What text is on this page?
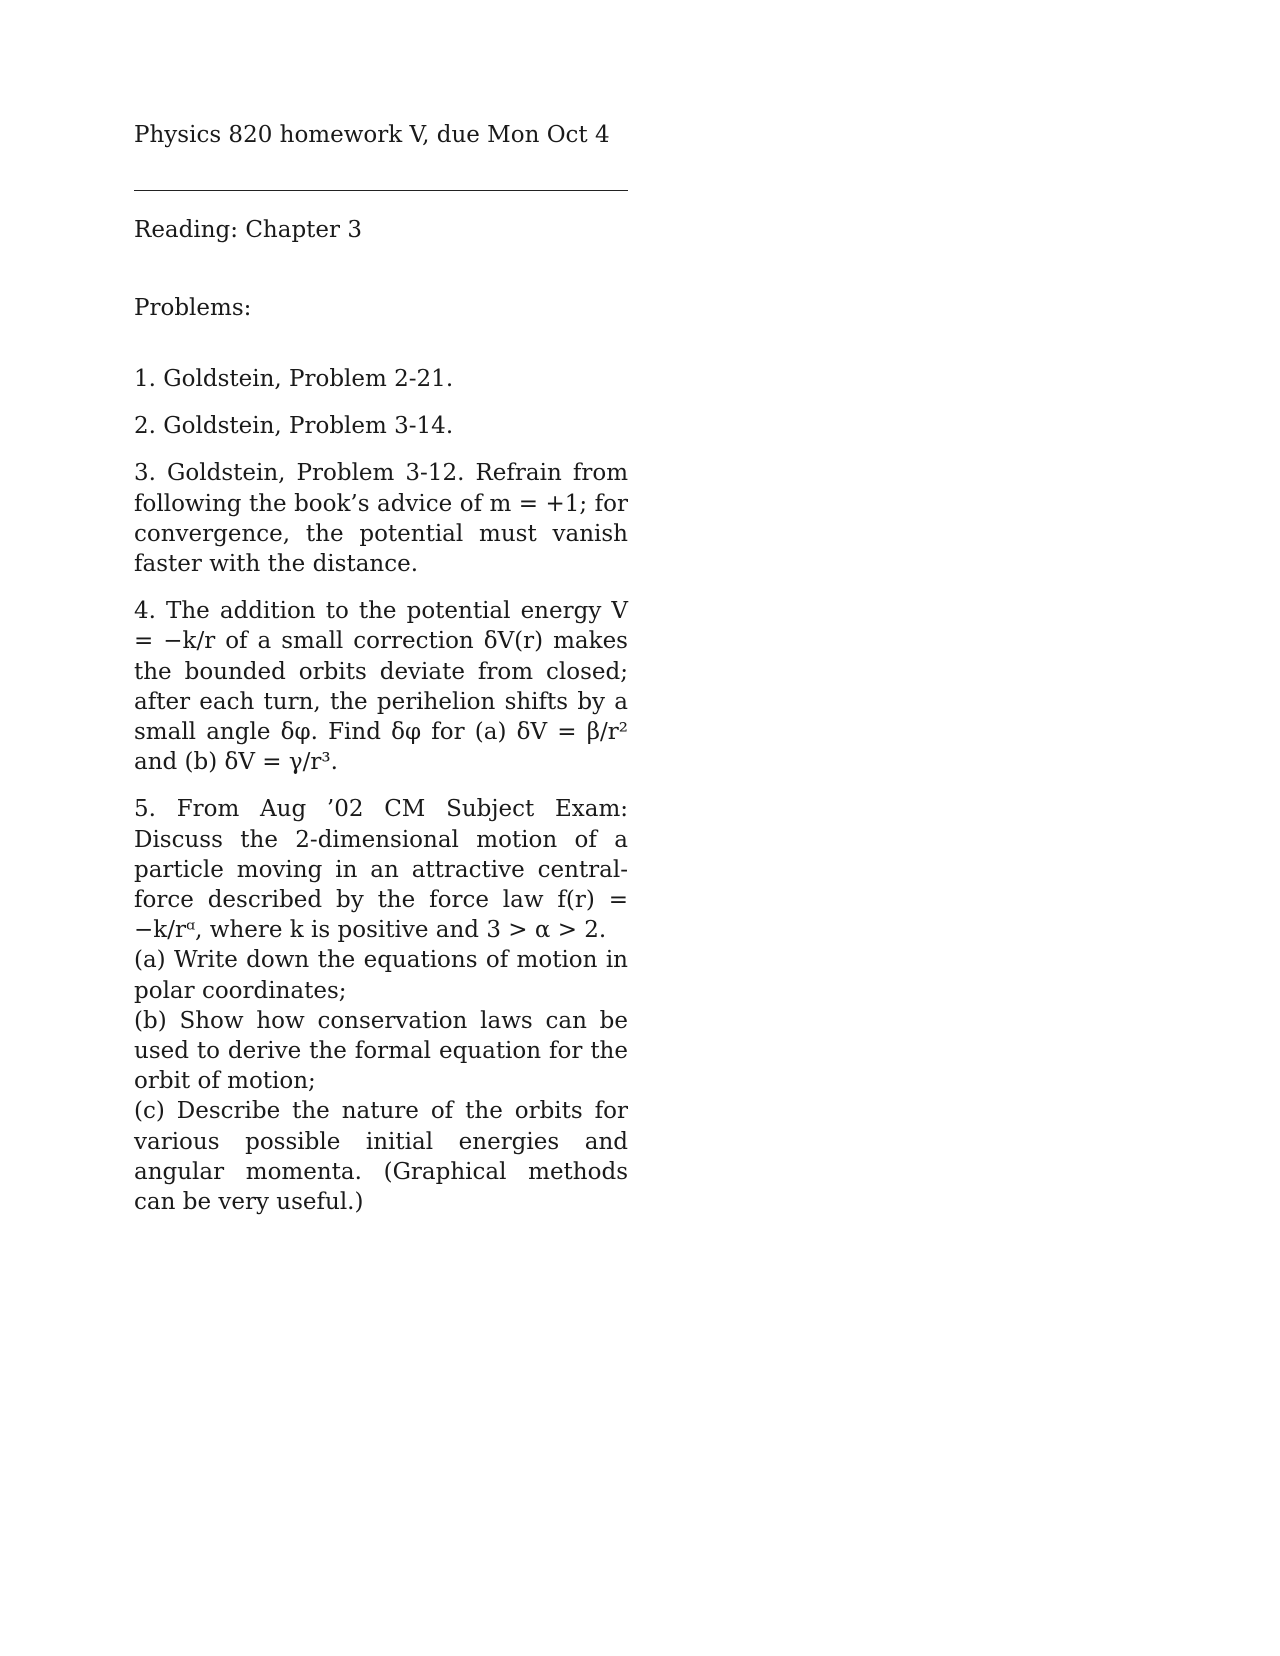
Physics 820 homework V, due Mon Oct 4
Reading: Chapter 3
Problems:
1. Goldstein, Problem 2-21.
2. Goldstein, Problem 3-14.
3. Goldstein, Problem 3-12. Refrain from following the book’s advice of m = +1; for convergence, the potential must vanish faster with the distance.
4. The addition to the potential energy V = −k/r of a small correction δV(r) makes the bounded orbits deviate from closed; after each turn, the perihelion shifts by a small angle δφ. Find δφ for (a) δV = β/r² and (b) δV = γ/r³.
5. From Aug ’02 CM Subject Exam: Discuss the 2-dimensional motion of a particle moving in an attractive central-force described by the force law f(r) = −k/rᵅ, where k is positive and 3 > α > 2.
(a) Write down the equations of motion in polar coordinates;
(b) Show how conservation laws can be used to derive the formal equation for the orbit of motion;
(c) Describe the nature of the orbits for various possible initial energies and angular momenta. (Graphical methods can be very useful.)
